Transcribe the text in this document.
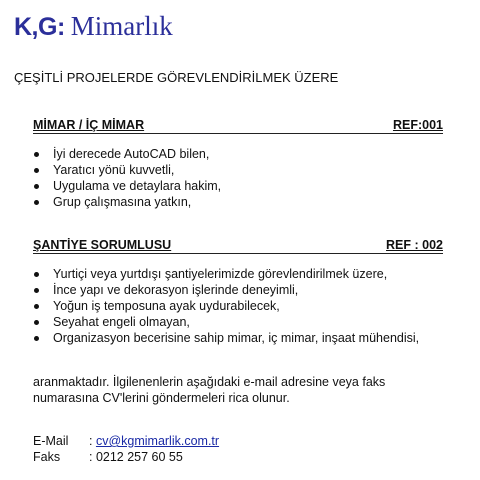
K,G: Mimarlık
ÇEŞİTLİ PROJELERDE GÖREVLENDİRİLMEK ÜZERE
MİMAR / İÇ MİMAR	REF:001
İyi derecede AutoCAD bilen,
Yaratıcı yönü kuvvetli,
Uygulama ve detaylara hakim,
Grup çalışmasına yatkın,
ŞANTİYE SORUMLUSU	REF : 002
Yurtiçi veya yurtdışı şantiyelerimizde görevlendirilmek üzere,
İnce yapı ve dekorasyon işlerinde deneyimli,
Yoğun iş temposuna ayak uydurabilecek,
Seyahat engeli olmayan,
Organizasyon becerisine sahip mimar, iç mimar, inşaat mühendisi,
aranmaktadır. İlgilenenlerin aşağıdaki e-mail adresine veya faks numarasına CV'lerini göndermeleri rica olunur.
E-Mail	: cv@kgmimarlik.com.tr
Faks	: 0212 257 60 55
